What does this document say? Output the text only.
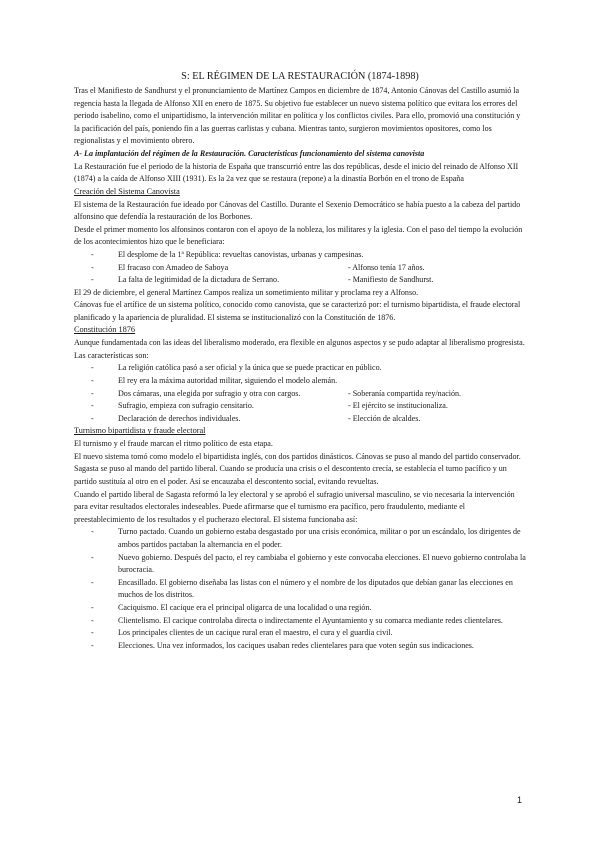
S: EL RÉGIMEN DE LA RESTAURACIÓN (1874-1898)

Tras el Manifiesto de Sandhurst y el pronunciamiento de Martínez Campos en diciembre de 1874, Antonio Cánovas del Castillo asumió la regencia hasta la llegada de Alfonso XII en enero de 1875. Su objetivo fue establecer un nuevo sistema político que evitara los errores del periodo isabelino, como el unipartidismo, la intervención militar en política y los conflictos civiles. Para ello, promovió una constitución y la pacificación del país, poniendo fin a las guerras carlistas y cubana. Mientras tanto, surgieron movimientos opositores, como los regionalistas y el movimiento obrero.

A- La implantación del régimen de la Restauración. Características funcionamiento del sistema canovista

La Restauración fue el periodo de la historia de España que transcurrió entre las dos repúblicas, desde el inicio del reinado de Alfonso XII (1874) a la caída de Alfonso XIII (1931). Es la 2a vez que se restaura (repone) a la dinastía Borbón en el trono de España

Creación del Sistema Canovista

El sistema de la Restauración fue ideado por Cánovas del Castillo. Durante el Sexenio Democrático se había puesto a la cabeza del partido alfonsino que defendía la restauración de los Borbones.

Desde el primer momento los alfonsinos contaron con el apoyo de la nobleza, los militares y la iglesia. Con el paso del tiempo la evolución de los acontecimientos hizo que le beneficiara:

-	El desplome de la 1ª República: revueltas canovistas, urbanas y campesinas.
-	El fracaso con Amadeo de Saboya	- Alfonso tenía 17 años.
-	La falta de legitimidad de la dictadura de Serrano.	- Manifiesto de Sandhurst.

El 29 de diciembre, el general Martínez Campos realiza un sometimiento militar y proclama rey a Alfonso.

Cánovas fue el artífice de un sistema político, conocido como canovista, que se caracterizó por: el turnismo bipartidista, el fraude electoral planificado y la apariencia de pluralidad. El sistema se institucionalizó con la Constitución de 1876.

Constitución 1876

Aunque fundamentada con las ideas del liberalismo moderado, era flexible en algunos aspectos y se pudo adaptar al liberalismo progresista. Las características son:

-	La religión católica pasó a ser oficial y la única que se puede practicar en público.
-	El rey era la máxima autoridad militar, siguiendo el modelo alemán.
-	Dos cámaras, una elegida por sufragio y otra con cargos.	- Soberanía compartida rey/nación.
-	Sufragio, empieza con sufragio censitario.	- El ejército se institucionaliza.
-	Declaración de derechos individuales.	- Elección de alcaldes.

Turnismo bipartidista y fraude electoral

El turnismo y el fraude marcan el ritmo político de esta etapa.

El nuevo sistema tomó como modelo el bipartidista inglés, con dos partidos dinásticos. Cánovas se puso al mando del partido conservador. Sagasta se puso al mando del partido liberal. Cuando se producía una crisis o el descontento crecía, se establecía el turno pacífico y un partido sustituía al otro en el poder. Así se encauzaba el descontento social, evitando revueltas.

Cuando el partido liberal de Sagasta reformó la ley electoral y se aprobó el sufragio universal masculino, se vio necesaria la intervención para evitar resultados electorales indeseables. Puede afirmarse que el turnismo era pacífico, pero fraudulento, mediante el preestablecimiento de los resultados y el pucherazo electoral. El sistema funcionaba así:

-	Turno pactado. Cuando un gobierno estaba desgastado por una crisis económica, militar o por un escándalo, los dirigentes de ambos partidos pactaban la alternancia en el poder.
-	Nuevo gobierno. Después del pacto, el rey cambiaba el gobierno y este convocaba elecciones. El nuevo gobierno controlaba la burocracia.
-	Encasillado. El gobierno diseñaba las listas con el número y el nombre de los diputados que debían ganar las elecciones en muchos de los distritos.
-	Caciquismo. El cacique era el principal oligarca de una localidad o una región.
-	Clientelismo. El cacique controlaba directa o indirectamente el Ayuntamiento y su comarca mediante redes clientelares.
-	Los principales clientes de un cacique rural eran el maestro, el cura y el guardia civil.
-	Elecciones. Una vez informados, los caciques usaban redes clientelares para que voten según sus indicaciones.
1
